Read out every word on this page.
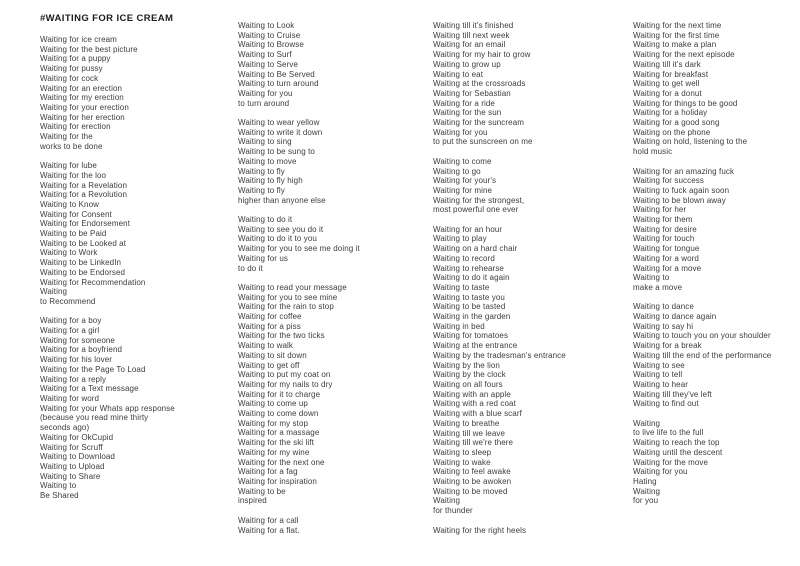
#WAITING FOR ICE CREAM
Waiting for ice cream
Waiting for the best picture
Waiting for a puppy
Waiting for pussy
Waiting for cock
Waiting for an erection
Waiting for my erection
Waiting for your erection
Waiting for her erection
Waiting for erection
Waiting for the
works to be done
Waiting for lube
Waiting for the loo
Waiting for a Revelation
Waiting for a Revolution
Waiting to Know
Waiting for Consent
Waiting for Endorsement
Waiting to be Paid
Waiting to be Looked at
Waiting to Work
Waiting to be LinkedIn
Waiting to be Endorsed
Waiting for Recommendation
Waiting
to Recommend
Waiting for a boy
Waiting for a girl
Waiting for someone
Waiting for a boyfriend
Waiting for his lover
Waiting for the Page To Load
Waiting for a reply
Waiting for a Text message
Waiting for word
Waiting for your Whats app response
(because you read mine thirty
seconds ago)
Waiting for OkCupid
Waiting for Scruff
Waiting to Download
Waiting to Upload
Waiting to Share
Waiting to
Be Shared
Waiting to Look
Waiting to Cruise
Waiting to Browse
Waiting to Surf
Waiting to Serve
Waiting to Be Served
Waiting to turn around
Waiting for you
to turn around
Waiting to wear yellow
Waiting to write it down
Waiting to sing
Waiting to be sung to
Waiting to move
Waiting to fly
Waiting to fly high
Waiting to fly
higher than anyone else
Waiting to do it
Waiting to see you do it
Waiting to do it to you
Waiting for you to see me doing it
Waiting for us
to do it
Waiting to read your message
Waiting for you to see mine
Waiting for the rain to stop
Waiting for coffee
Waiting for a piss
Waiting for the two ticks
Waiting to walk
Waiting to sit down
Waiting to get off
Waiting to put my coat on
Waiting for my nails to dry
Waiting for it to charge
Waiting to come up
Waiting to come down
Waiting for my stop
Waiting for a massage
Waiting for the ski lift
Waiting for my wine
Waiting for the next one
Waiting for a fag
Waiting for inspiration
Waiting to be
inspired
Waiting for a call
Waiting for a flat.
Waiting till it's finished
Waiting till next week
Waiting for an email
Waiting for my hair to grow
Waiting to grow up
Waiting to eat
Waiting at the crossroads
Waiting for Sebastian
Waiting for a ride
Waiting for the sun
Waiting for the suncream
Waiting for you
to put the sunscreen on me
Waiting to come
Waiting to go
Waiting for your's
Waiting for mine
Waiting for the strongest,
most powerful one ever
Waiting for an hour
Waiting to play
Waiting on a hard chair
Waiting to record
Waiting to rehearse
Waiting to do it again
Waiting to taste
Waiting to taste you
Waiting to be tasted
Waiting in the garden
Waiting in bed
Waiting for tomatoes
Waiting at the entrance
Waiting by the tradesman's entrance
Waiting by the lion
Waiting by the clock
Waiting on all fours
Waiting with an apple
Waiting with a red coat
Waiting with a blue scarf
Waiting to breathe
Waiting till we leave
Waiting till we're there
Waiting to sleep
Waiting to wake
Waiting to feel awake
Waiting to be awoken
Waiting to be moved
Waiting
for thunder
Waiting for the right heels
Waiting for the next time
Waiting for the first time
Waiting to make a plan
Waiting for the next episode
Waiting till it's dark
Waiting for breakfast
Waiting to get well
Waiting for a donut
Waiting for things to be good
Waiting for a holiday
Waiting for a good song
Waiting on the phone
Waiting on hold, listening to the
hold music
Waiting for an amazing fuck
Waiting for success
Waiting to fuck again soon
Waiting to be blown away
Waiting for her
Waiting for them
Waiting for desire
Waiting for touch
Waiting for tongue
Waiting for a word
Waiting for a move
Waiting to
make a move
Waiting to dance
Waiting to dance again
Waiting to say hi
Waiting to touch you on your shoulder
Waiting for a break
Waiting till the end of the performance
Waiting to see
Waiting to tell
Waiting to hear
Waiting till they've left
Waiting to find out
Waiting
to live life to the full
Waiting to reach the top
Waiting until the descent
Waiting for the move
Waiting for you
Hating
Waiting
for you
